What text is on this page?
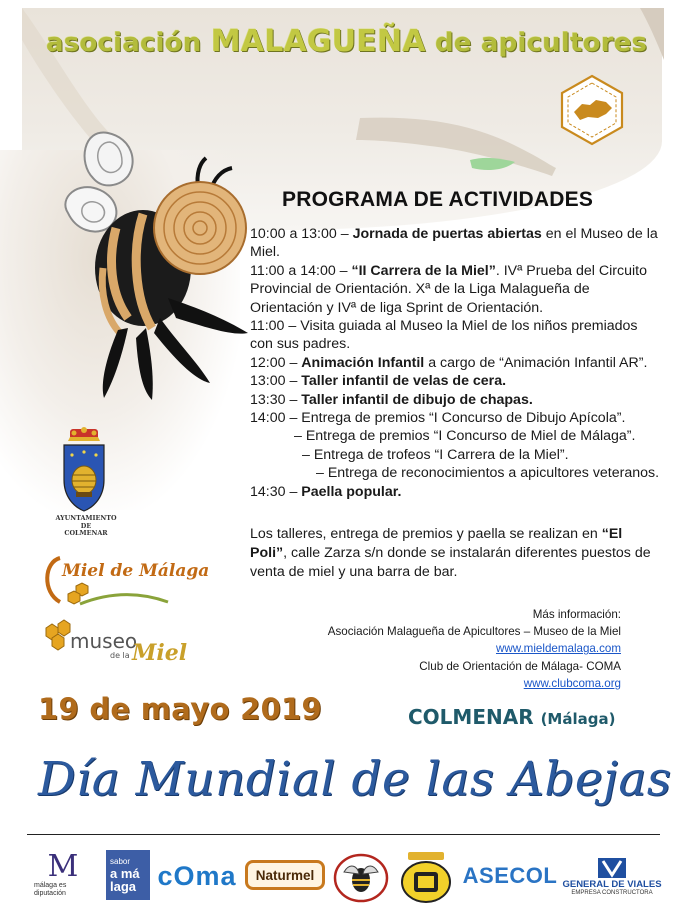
asociación MALAGUEÑA de apicultores
PROGRAMA DE ACTIVIDADES
10:00 a 13:00 – Jornada de puertas abiertas en el Museo de la
Miel.
11:00 a 14:00 – “II Carrera de la Miel”. IVª Prueba del Circuito
Provincial de Orientación. Xª de la Liga Malagueña de
Orientación y IVª de liga Sprint de Orientación.
11:00 – Visita guiada al Museo la Miel de los niños premiados
con sus padres.
12:00 – Animación Infantil a cargo de “Animación Infantil AR”.
13:00 – Taller infantil de velas de cera.
13:30 – Taller infantil de dibujo de chapas.
14:00 – Entrega de premios “I Concurso de Dibujo Apícola”.
– Entrega de premios “I Concurso de Miel de Málaga”.
– Entrega de trofeos “I Carrera de la Miel”.
– Entrega de reconocimientos a apicultores veteranos.
14:30 – Paella popular.
Los talleres, entrega de premios y paella se realizan en “El Poli”, calle Zarza s/n donde se instalarán diferentes puestos de venta de miel y una barra de bar.
Más información:
Asociación Malagueña de Apicultores – Museo de la Miel
www.mieldemalaga.com
Club de Orientación de Málaga- COMA
www.clubcoma.org
AYUNTAMIENTO
DE
COLMENAR
Miel de Málaga
museo
de la Miel
19 de mayo 2019	COLMENAR (Málaga)
Día Mundial de las Abejas
M
málaga es diputación
sabor
a má
laga cOma Naturmel	ASECOL GENERAL DE VIALES
EMPRESA CONSTRUCTORA
